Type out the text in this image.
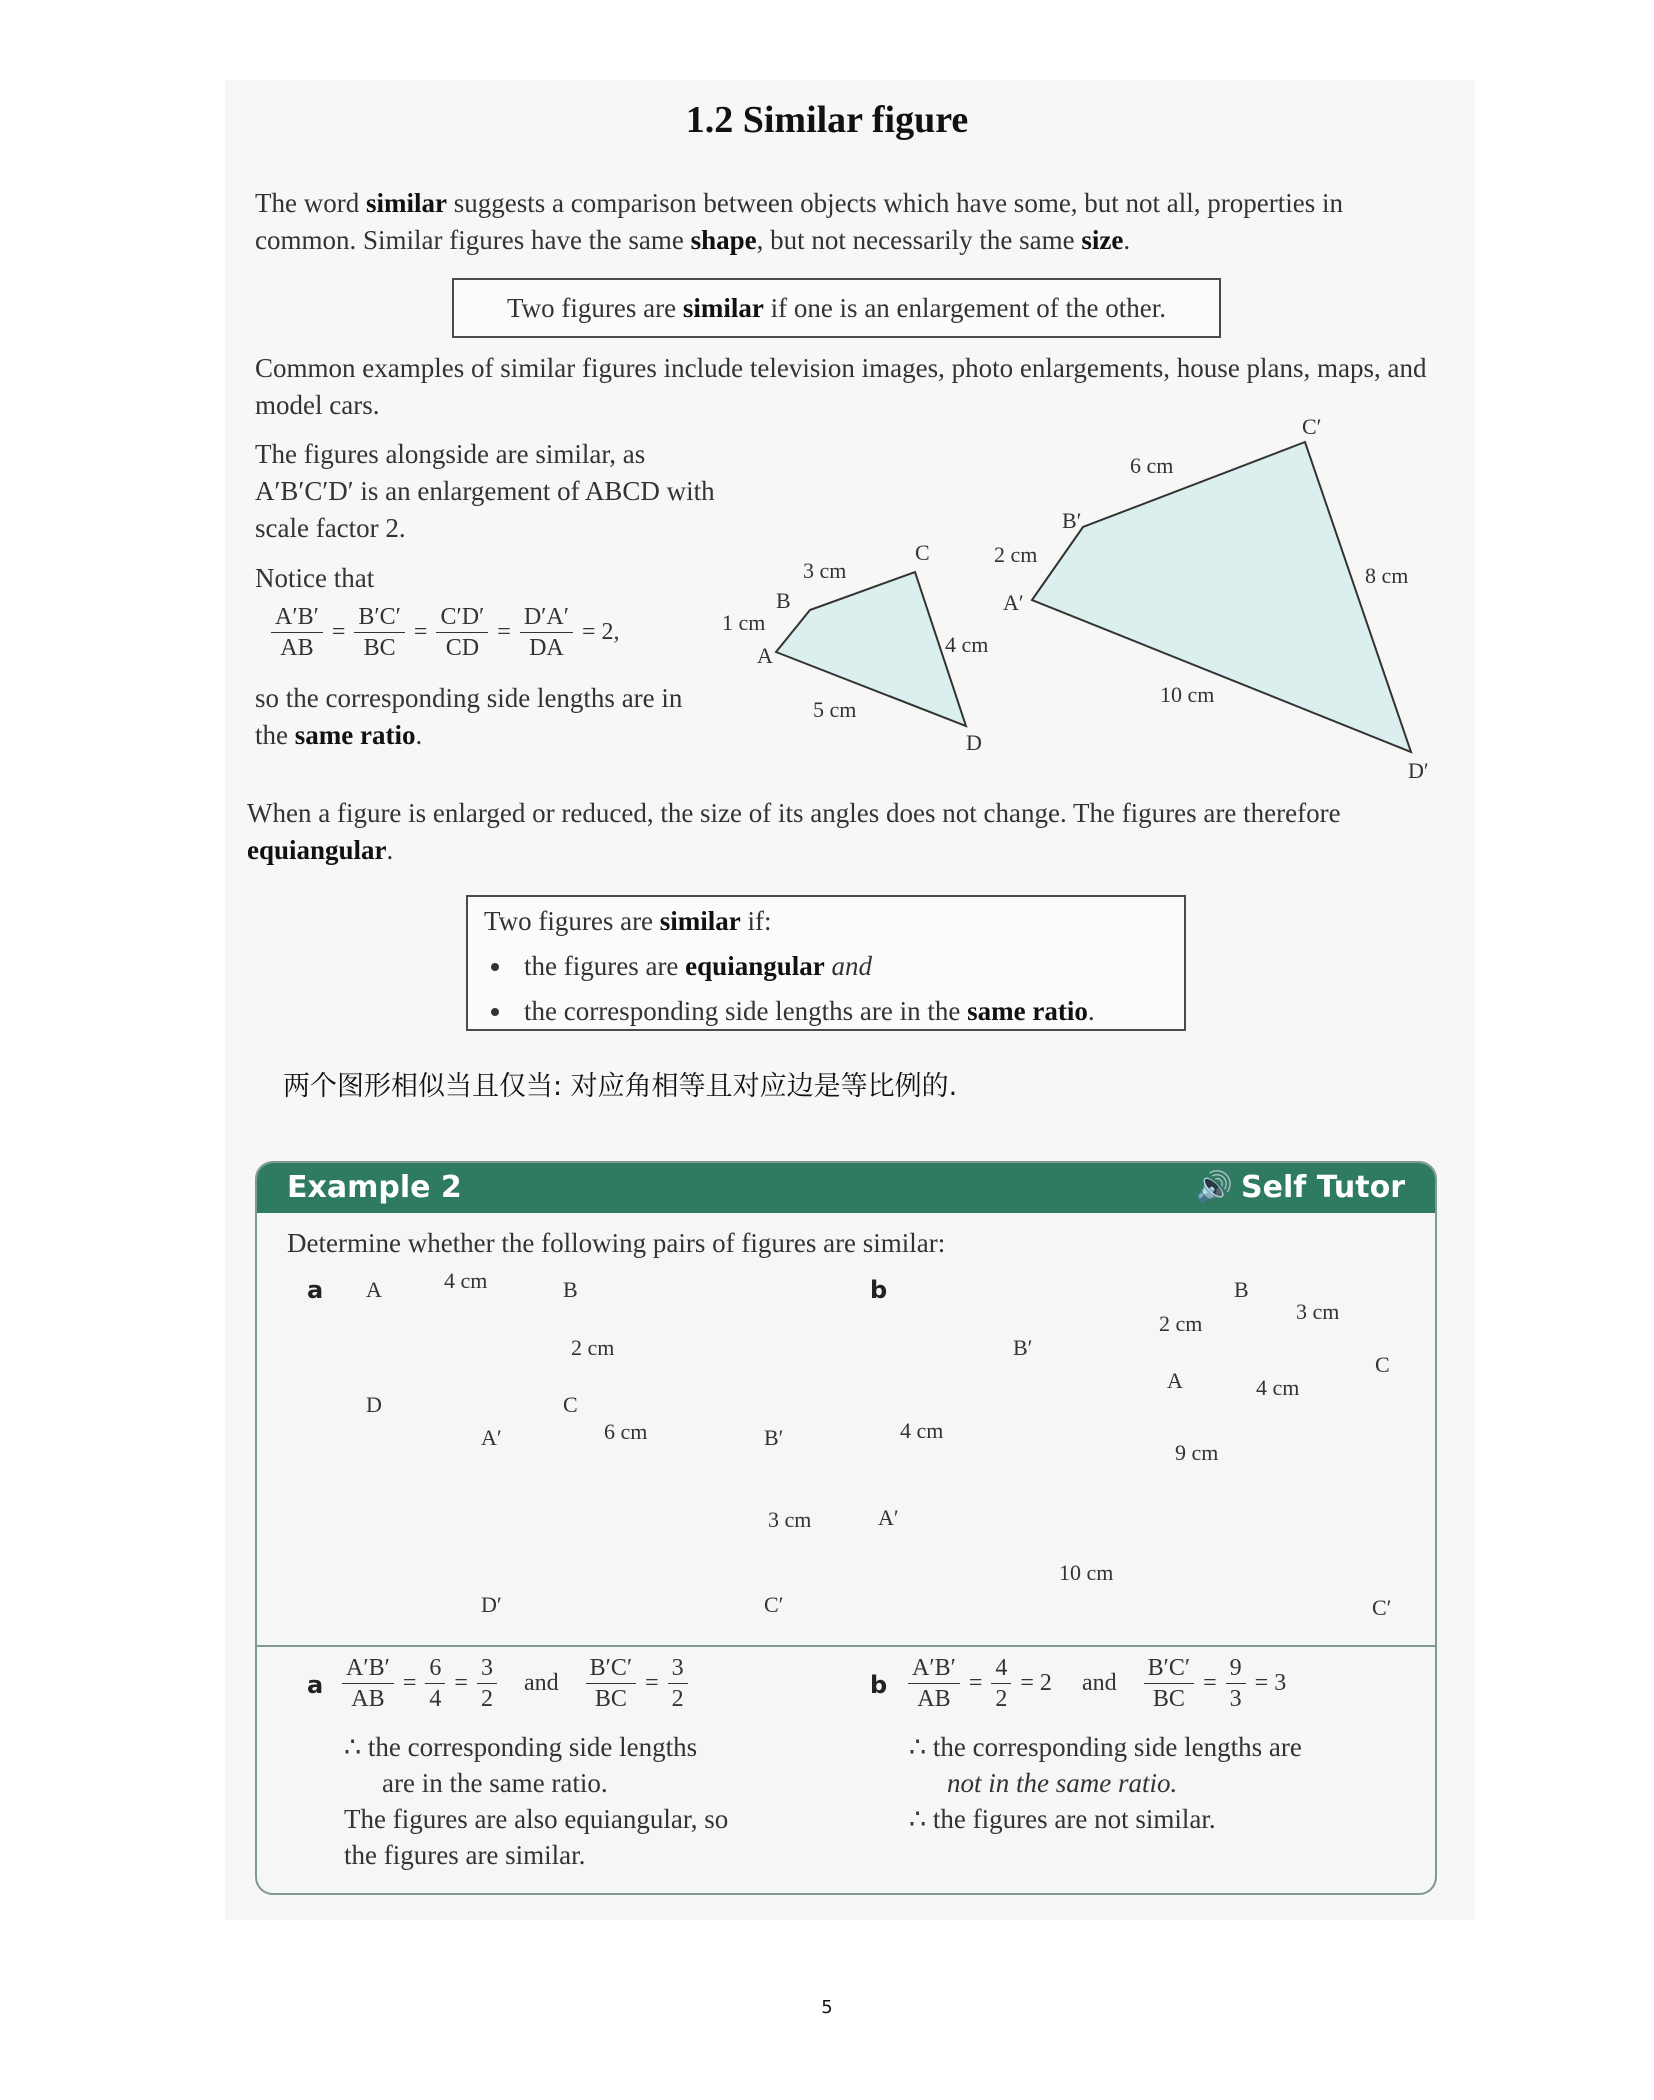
1.2 Similar figure
The word similar suggests a comparison between objects which have some, but not all, properties in common. Similar figures have the same shape, but not necessarily the same size.
Two figures are similar if one is an enlargement of the other.
Common examples of similar figures include television images, photo enlargements, house plans, maps, and model cars.
The figures alongside are similar, as A′B′C′D′ is an enlargement of ABCD with scale factor 2.
Notice that
$\frac{A'B'}{AB} = \frac{B'C'}{BC} = \frac{C'D'}{CD} = \frac{D'A'}{DA} = 2$,
so the corresponding side lengths are in the same ratio.
A
B
C
D
1 cm
3 cm
4 cm
5 cm
A′
B′
C′
D′
2 cm
6 cm
8 cm
10 cm
When a figure is enlarged or reduced, the size of its angles does not change. The figures are therefore equiangular.
Two figures are similar if:
• the figures are equiangular and
• the corresponding side lengths are in the same ratio.
两个图形相似当且仅当: 对应角相等且对应边是等比例的.
Example 2	🔊 Self Tutor
Determine whether the following pairs of figures are similar:
a	b
a $\frac{A'B'}{AB} = \frac{6}{4} = \frac{3}{2}$ and $\frac{B'C'}{BC} = \frac{3}{2}$
∴ the corresponding side lengths
are in the same ratio.
The figures are also equiangular, so
the figures are similar.
b $\frac{A'B'}{AB} = \frac{4}{2} = 2$ and $\frac{B'C'}{BC} = \frac{9}{3} = 3$
∴ the corresponding side lengths are
not in the same ratio.
∴ the figures are not similar.
A	B
C
D
4 cm
2 cm
A′	B′
C′
D′
6 cm
3 cm
A
B
C
2 cm	3 cm
4 cm
A′
B′
C′
4 cm
9 cm
10 cm
5
